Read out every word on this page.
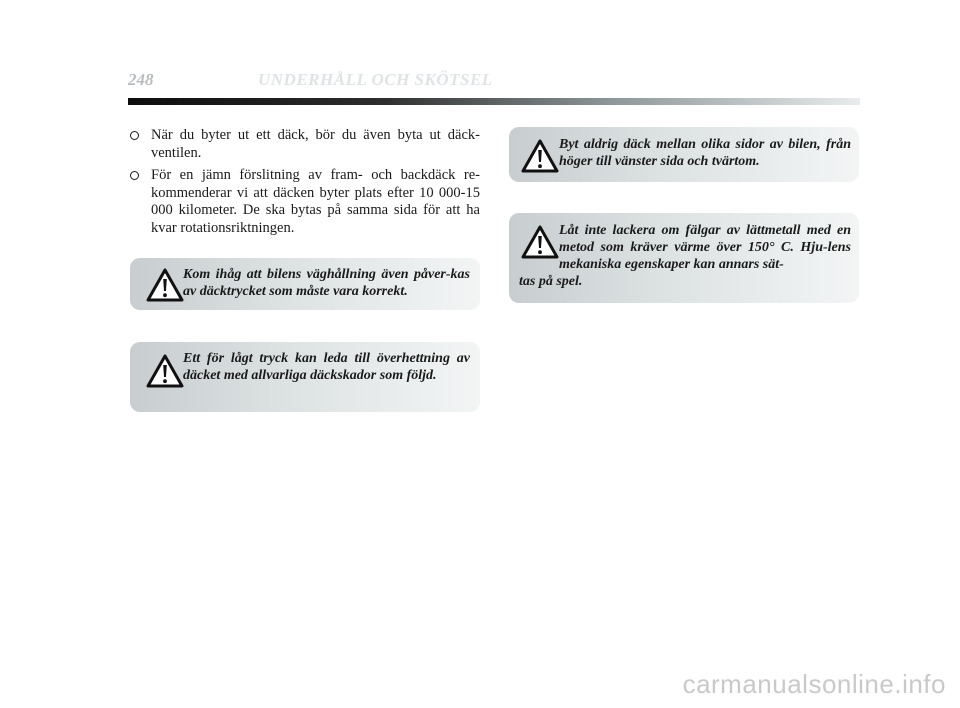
248	UNDERHÅLL OCH SKÖTSEL
När du byter ut ett däck, bör du även byta ut däck-ventilen.
För en jämn förslitning av fram- och backdäck re-kommenderar vi att däcken byter plats efter 10 000-15 000 kilometer. De ska bytas på samma sida för att ha kvar rotationsriktningen.
Kom ihåg att bilens väghållning även påver-kas av däcktrycket som måste vara korrekt.
Ett för lågt tryck kan leda till överhettning av däcket med allvarliga däckskador som följd.
Byt aldrig däck mellan olika sidor av bilen, från höger till vänster sida och tvärtom.
Låt inte lackera om fälgar av lättmetall med en metod som kräver värme över 150° C. Hju-lens mekaniska egenskaper kan annars sät-
tas på spel.
carmanualsonline.info
